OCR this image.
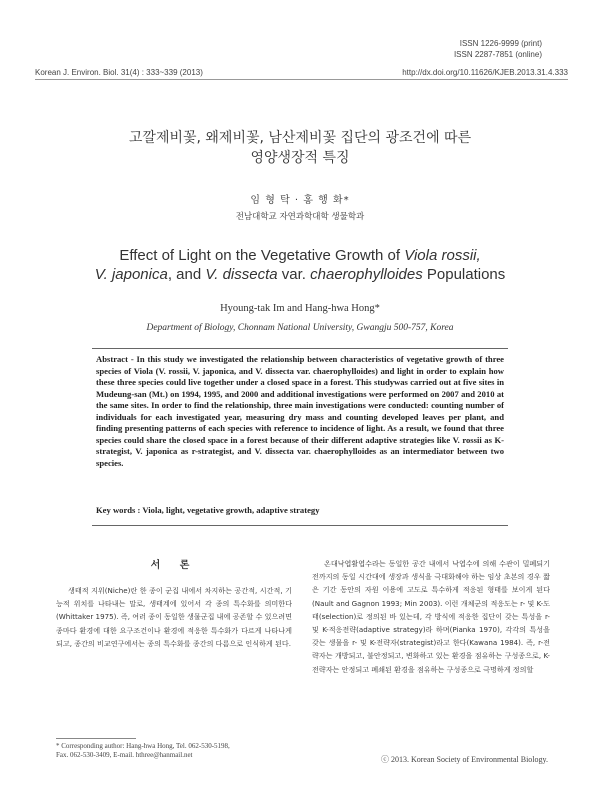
ISSN 1226-9999 (print)
ISSN 2287-7851 (online)
Korean J. Environ. Biol. 31(4) : 333~339 (2013)	http://dx.doi.org/10.11626/KJEB.2013.31.4.333
고깔제비꽃, 왜제비꽃, 남산제비꽃 집단의 광조건에 따른
영양생장적 특징
임 형 탁 · 홍 행 화*
전남대학교 자연과학대학 생물학과
Effect of Light on the Vegetative Growth of Viola rossii,
V. japonica, and V. dissecta var. chaerophylloides Populations
Hyoung-tak Im and Hang-hwa Hong*
Department of Biology, Chonnam National University, Gwangju 500-757, Korea
Abstract - In this study we investigated the relationship between characteristics of vegetative growth of three species of Viola (V. rossii, V. japonica, and V. dissecta var. chaerophylloides) and light in order to explain how these three species could live together under a closed space in a forest. This studywas carried out at five sites in Mudeung-san (Mt.) on 1994, 1995, and 2000 and additional investigations were performed on 2007 and 2010 at the same sites. In order to find the relationship, three main investigations were conducted: counting number of individuals for each investigated year, measuring dry mass and counting developed leaves per plant, and finding presenting patterns of each species with reference to incidence of light. As a result, we found that three species could share the closed space in a forest because of their different adaptive strategies like V. rossii as K-strategist, V. japonica as r-strategist, and V. dissecta var. chaerophylloides as an intermediator between two species.
Key words : Viola, light, vegetative growth, adaptive strategy
서 론

생태적 지위(Niche)란 한 종이 군집 내에서 차지하는 공간적, 시간적, 기능적 위치를 나타내는 말로, 생태계에 있어서 각 종의 특수화를 의미한다(Whittaker 1975). 즉, 여러 종이 동일한 생물군집 내에 공존할 수 있으려면 종마다 환경에 대한 요구조건이나 환경에 적응한 특수화가 다르게 나타나게 되고, 종간의 비교연구에서는 종의 특수화를 종간의 다름으로 인식하게 된다.

온대낙엽활엽수라는 동일한 공간 내에서 낙엽수에 의해 수관이 밀폐되기 전까지의 동일 시간대에 생장과 생식을 극대화해야 하는 임상 초본의 경우 짧은 기간 동안의 자원 이용에 고도로 특수하게 적응된 형태를 보이게 된다(Nault and Gagnon 1993; Min 2003). 이런 개체군의 적응도는 r- 및 K-도태(selection)로 정의된 바 있는데, 각 방식에 적응한 집단이 갖는 특성을 r- 및 K-적응전략(adaptive strategy)라 하며(Pianka 1970), 각각의 특성을 갖는 생물을 r- 및 K-전략자(strategist)라고 한다(Kawana 1984). 즉, r-전략자는 개방되고, 불안정되고, 변화하고 있는 환경을 점유하는 구성종으로, K-전략자는 안정되고 폐쇄된 환경을 점유하는 구성종으로 극명하게 정의할

* Corresponding author: Hang-hwa Hong, Tel. 062-530-5198,
Fax. 062-530-3409, E-mail. hthree@hanmail.net	ⓒ 2013. Korean Society of Environmental Biology.
